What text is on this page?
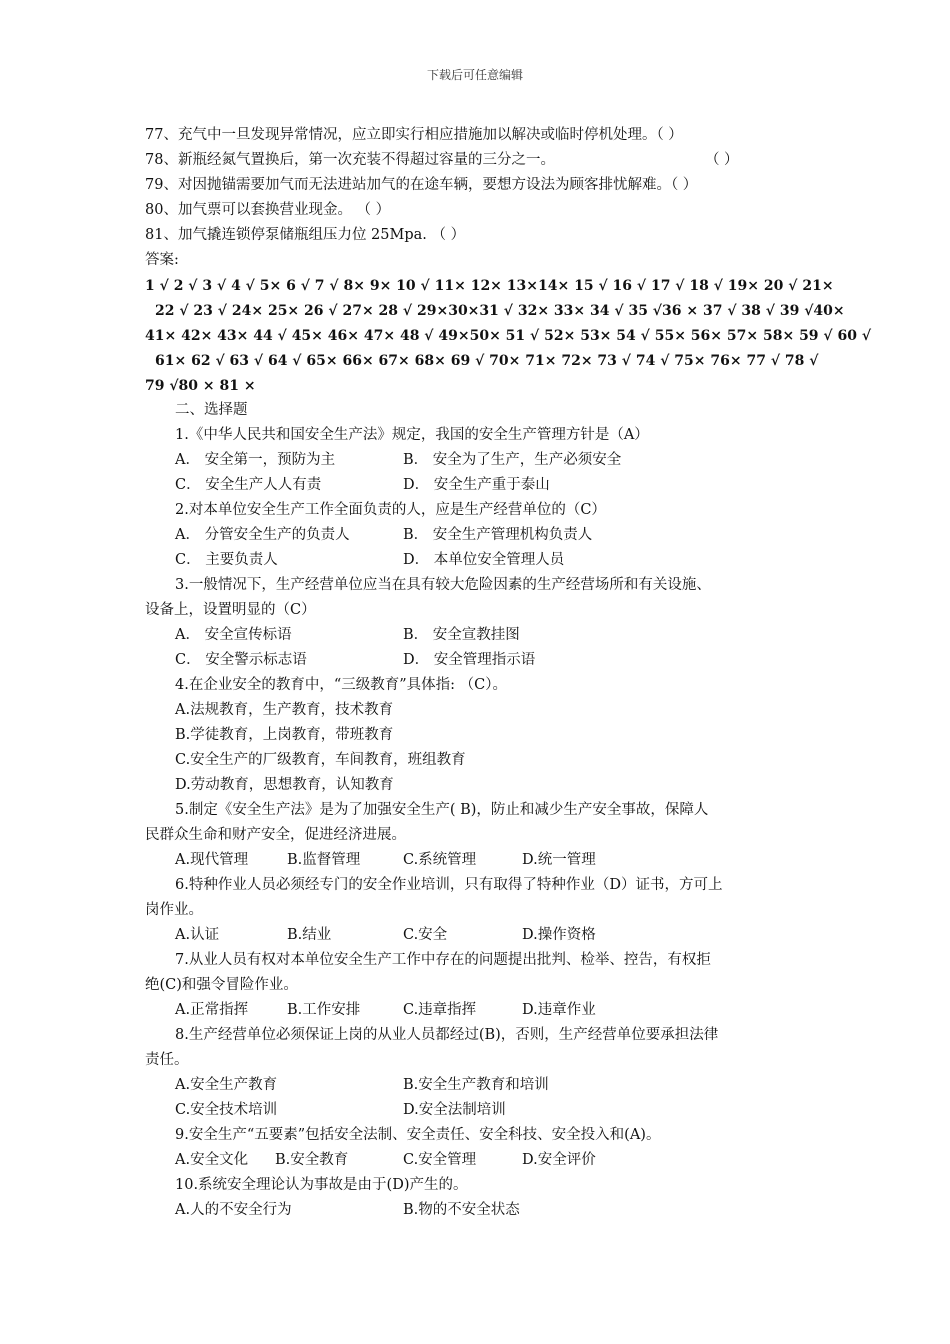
下载后可任意编辑
77、充气中一旦发现异常情况，应立即实行相应措施加以解决或临时停机处理。（ ）
78、新瓶经氮气置换后，第一次充装不得超过容量的三分之一。	（ ）
79、对因抛锚需要加气而无法进站加气的在途车辆，要想方设法为顾客排忧解难。（ ）
80、加气票可以套换营业现金。 （ ）
81、加气撬连锁停泵储瓶组压力位 25Mpa. （ ）
答案:
1 √ 2 √ 3 √ 4 √ 5× 6 √ 7 √ 8× 9× 10 √ 11× 12× 13×14× 15 √ 16 √ 17 √ 18 √ 19× 20 √ 21×
22 √ 23 √ 24× 25× 26 √ 27× 28 √ 29×30×31 √ 32× 33× 34 √ 35 √36 × 37 √ 38 √ 39 √40×
41× 42× 43× 44 √ 45× 46× 47× 48 √ 49×50× 51 √ 52× 53× 54 √ 55× 56× 57× 58× 59 √ 60 √
61× 62 √ 63 √ 64 √ 65× 66× 67× 68× 69 √ 70× 71× 72× 73 √ 74 √ 75× 76× 77 √ 78 √
79 √80 × 81 ×
二、选择题
1.《中华人民共和国安全生产法》规定，我国的安全生产管理方针是（A）
A． 安全第一，预防为主	B． 安全为了生产，生产必须安全
C． 安全生产人人有责	D． 安全生产重于泰山
2.对本单位安全生产工作全面负责的人，应是生产经营单位的（C）
A． 分管安全生产的负责人	B． 安全生产管理机构负责人
C． 主要负责人	D． 本单位安全管理人员
3.一般情况下，生产经营单位应当在具有较大危险因素的生产经营场所和有关设施、
设备上，设置明显的（C）
A． 安全宣传标语	B． 安全宣教挂图
C． 安全警示标志语	D． 安全管理指示语
4.在企业安全的教育中，“三级教育”具体指: （C）。
A.法规教育，生产教育，技术教育
B.学徒教育，上岗教育，带班教育
C.安全生产的厂级教育，车间教育，班组教育
D.劳动教育，思想教育，认知教育
5.制定《安全生产法》是为了加强安全生产( B)，防止和减少生产安全事故，保障人
民群众生命和财产安全，促进经济进展。
A.现代管理	B.监督管理	C.系统管理	D.统一管理
6.特种作业人员必须经专门的安全作业培训，只有取得了特种作业（D）证书，方可上
岗作业。
A.认证	B.结业	C.安全	D.操作资格
7.从业人员有权对本单位安全生产工作中存在的问题提出批判、检举、控告，有权拒
绝(C)和强令冒险作业。
A.正常指挥	B.工作安排	C.违章指挥	D.违章作业
8.生产经营单位必须保证上岗的从业人员都经过(B)，否则，生产经营单位要承担法律
责任。
A.安全生产教育	B.安全生产教育和培训
C.安全技术培训	D.安全法制培训
9.安全生产“五要素”包括安全法制、安全责任、安全科技、安全投入和(A)。
A.安全文化 B.安全教育	C.安全管理	D.安全评价
10.系统安全理论认为事故是由于(D)产生的。
A.人的不安全行为	B.物的不安全状态
